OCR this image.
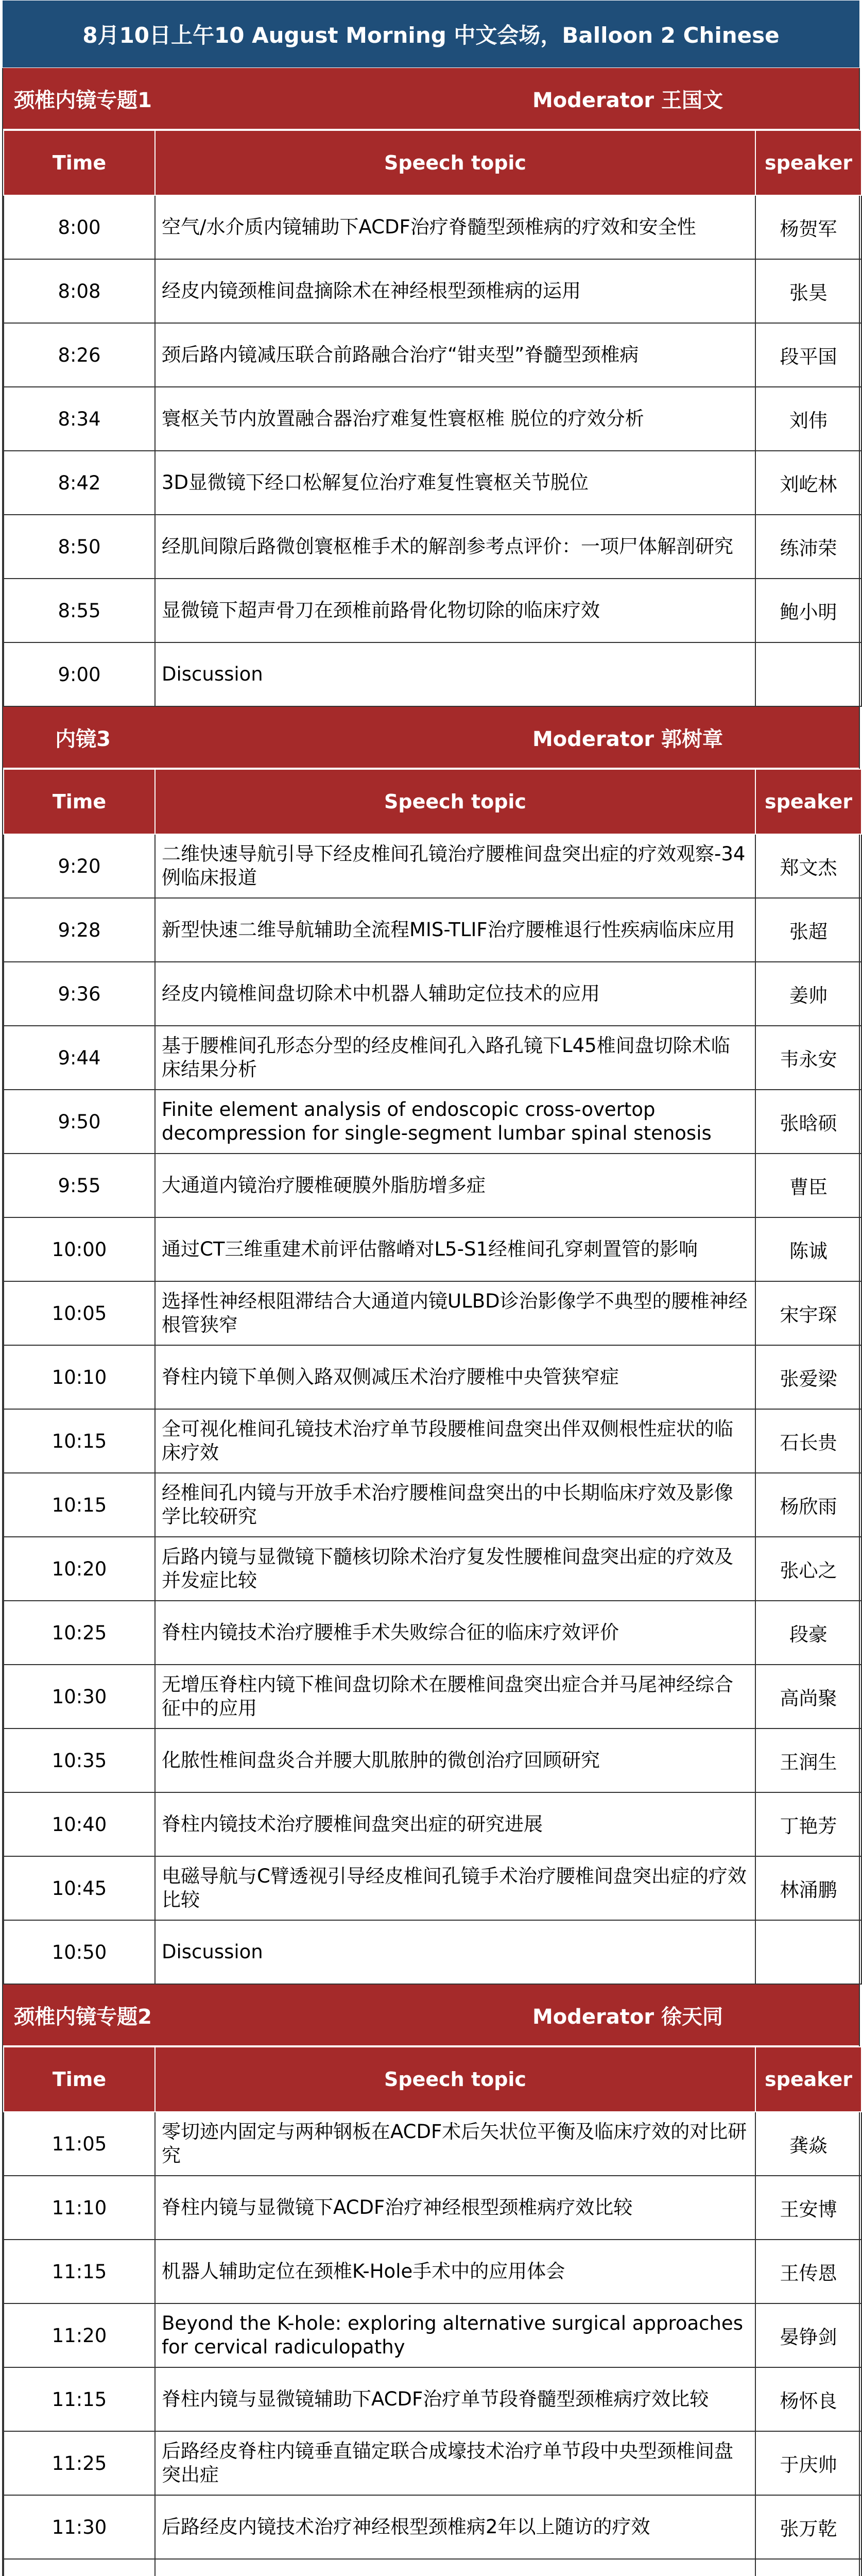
8月10日上午10 August Morning 中文会场，Balloon 2 Chinese
颈椎内镜专题1	Moderator 王国文
Time	Speech topic	speaker
8:00	空气/水介质内镜辅助下ACDF治疗脊髓型颈椎病的疗效和安全性	杨贺军
8:08	经皮内镜颈椎间盘摘除术在神经根型颈椎病的运用	张昊
8:26	颈后路内镜减压联合前路融合治疗“钳夹型”脊髓型颈椎病	段平国
8:34	寰枢关节内放置融合器治疗难复性寰枢椎 脱位的疗效分析	刘伟
8:42	3D显微镜下经口松解复位治疗难复性寰枢关节脱位	刘屹林
8:50	经肌间隙后路微创寰枢椎手术的解剖参考点评价：一项尸体解剖研究	练沛荣
8:55	显微镜下超声骨刀在颈椎前路骨化物切除的临床疗效	鲍小明
9:00	Discussion	
内镜3	Moderator 郭树章
Time	Speech topic	speaker
9:20	二维快速导航引导下经皮椎间孔镜治疗腰椎间盘突出症的疗效观察-34例临床报道	郑文杰
9:28	新型快速二维导航辅助全流程MIS-TLIF治疗腰椎退行性疾病临床应用	张超
9:36	经皮内镜椎间盘切除术中机器人辅助定位技术的应用	姜帅
9:44	基于腰椎间孔形态分型的经皮椎间孔入路孔镜下L45椎间盘切除术临床结果分析	韦永安
9:50	Finite element analysis of endoscopic cross-overtop decompression for single-segment lumbar spinal stenosis	张晗硕
9:55	大通道内镜治疗腰椎硬膜外脂肪增多症	曹臣
10:00	通过CT三维重建术前评估髂嵴对L5-S1经椎间孔穿刺置管的影响	陈诚
10:05	选择性神经根阻滞结合大通道内镜ULBD诊治影像学不典型的腰椎神经根管狭窄	宋宇琛
10:10	脊柱内镜下单侧入路双侧减压术治疗腰椎中央管狭窄症	张爱梁
10:15	全可视化椎间孔镜技术治疗单节段腰椎间盘突出伴双侧根性症状的临床疗效	石长贵
10:15	经椎间孔内镜与开放手术治疗腰椎间盘突出的中长期临床疗效及影像学比较研究	杨欣雨
10:20	后路内镜与显微镜下髓核切除术治疗复发性腰椎间盘突出症的疗效及并发症比较	张心之
10:25	脊柱内镜技术治疗腰椎手术失败综合征的临床疗效评价	段豪
10:30	无增压脊柱内镜下椎间盘切除术在腰椎间盘突出症合并马尾神经综合征中的应用	高尚聚
10:35	化脓性椎间盘炎合并腰大肌脓肿的微创治疗回顾研究	王润生
10:40	脊柱内镜技术治疗腰椎间盘突出症的研究进展	丁艳芳
10:45	电磁导航与C臂透视引导经皮椎间孔镜手术治疗腰椎间盘突出症的疗效比较	林涌鹏
10:50	Discussion	
颈椎内镜专题2	Moderator 徐天同
Time	Speech topic	speaker
11:05	零切迹内固定与两种钢板在ACDF术后矢状位平衡及临床疗效的对比研究	龚焱
11:10	脊柱内镜与显微镜下ACDF治疗神经根型颈椎病疗效比较	王安博
11:15	机器人辅助定位在颈椎K-Hole手术中的应用体会	王传恩
11:20	Beyond the K-hole: exploring alternative surgical approaches for cervical radiculopathy	晏铮剑
11:15	脊柱内镜与显微镜辅助下ACDF治疗单节段脊髓型颈椎病疗效比较	杨怀良
11:25	后路经皮脊柱内镜垂直锚定联合成壕技术治疗单节段中央型颈椎间盘突出症	于庆帅
11:30	后路经皮内镜技术治疗神经根型颈椎病2年以上随访的疗效	张万乾
